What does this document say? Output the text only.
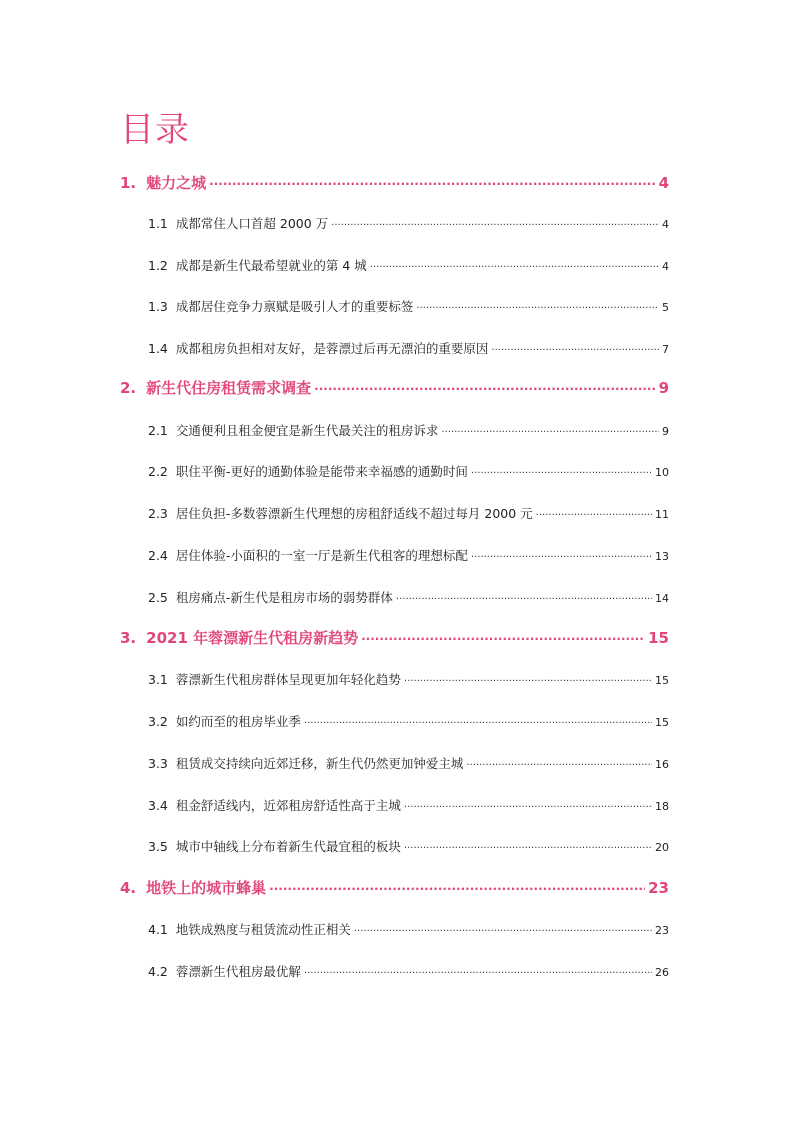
目录
1. 魅力之城 .....	4
1.1 成都常住人口首超 2000 万 .....	4
1.2 成都是新生代最希望就业的第 4 城 .....	4
1.3 成都居住竞争力禀赋是吸引人才的重要标签 .....	5
1.4 成都租房负担相对友好，是蓉漂过后再无漂泊的重要原因 .....	7
2. 新生代住房租赁需求调查 .....	9
2.1 交通便利且租金便宜是新生代最关注的租房诉求 .....	9
2.2 职住平衡-更好的通勤体验是能带来幸福感的通勤时间 .....	10
2.3 居住负担-多数蓉漂新生代理想的房租舒适线不超过每月 2000 元 .....	11
2.4 居住体验-小面积的一室一厅是新生代租客的理想标配 .....	13
2.5 租房痛点-新生代是租房市场的弱势群体 .....	14
3. 2021 年蓉漂新生代租房新趋势 .....	15
3.1 蓉漂新生代租房群体呈现更加年轻化趋势 .....	15
3.2 如约而至的租房毕业季 .....	15
3.3 租赁成交持续向近郊迁移，新生代仍然更加钟爱主城 .....	16
3.4 租金舒适线内，近郊租房舒适性高于主城 .....	18
3.5 城市中轴线上分布着新生代最宜租的板块 .....	20
4. 地铁上的城市蜂巢 .....	23
4.1 地铁成熟度与租赁流动性正相关 .....	23
4.2 蓉漂新生代租房最优解 .....	26
